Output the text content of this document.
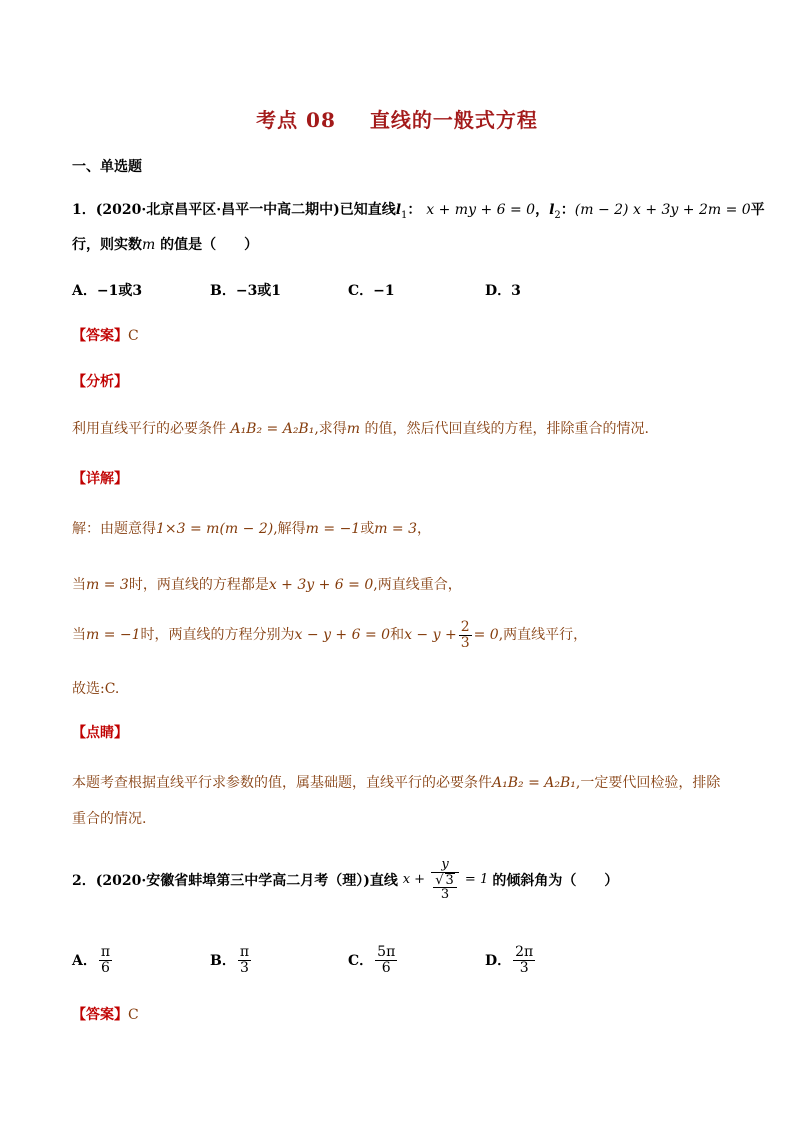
考点 08 直线的一般式方程
一、单选题
1．(2020·北京昌平区·昌平一中高二期中)已知直线$l_1$： x + my + 6 = 0，$l_2$：(m − 2) x + 3y + 2m = 0平
行，则实数m 的值是（　　）
A．−1或3	B．−3或1	C．−1	D．3
【答案】C
【分析】
利用直线平行的必要条件 A₁B₂ = A₂B₁,求得m 的值，然后代回直线的方程，排除重合的情况.
【详解】
解：由题意得1×3 = m(m − 2),解得m = −1或m = 3，
当m = 3时，两直线的方程都是x + 3y + 6 = 0,两直线重合，
当m = −1时，两直线的方程分别为x − y + 6 = 0和$x - y + \frac{2}{3} = 0$,两直线平行，
故选:C.
【点睛】
本题考查根据直线平行求参数的值，属基础题，直线平行的必要条件A₁B₂ = A₂B₁,一定要代回检验，排除
重合的情况.
2．(2020·安徽省蚌埠第三中学高二月考（理）)直线 $x + \frac{y}{\frac{√ 3}{3}} = 1$ 的倾斜角为（　　）
A． $\frac{\pi}{6}$	B． $\frac{\pi}{3}$	C． $\frac{5\pi}{6}$	D． $\frac{2\pi}{3}$
【答案】C
